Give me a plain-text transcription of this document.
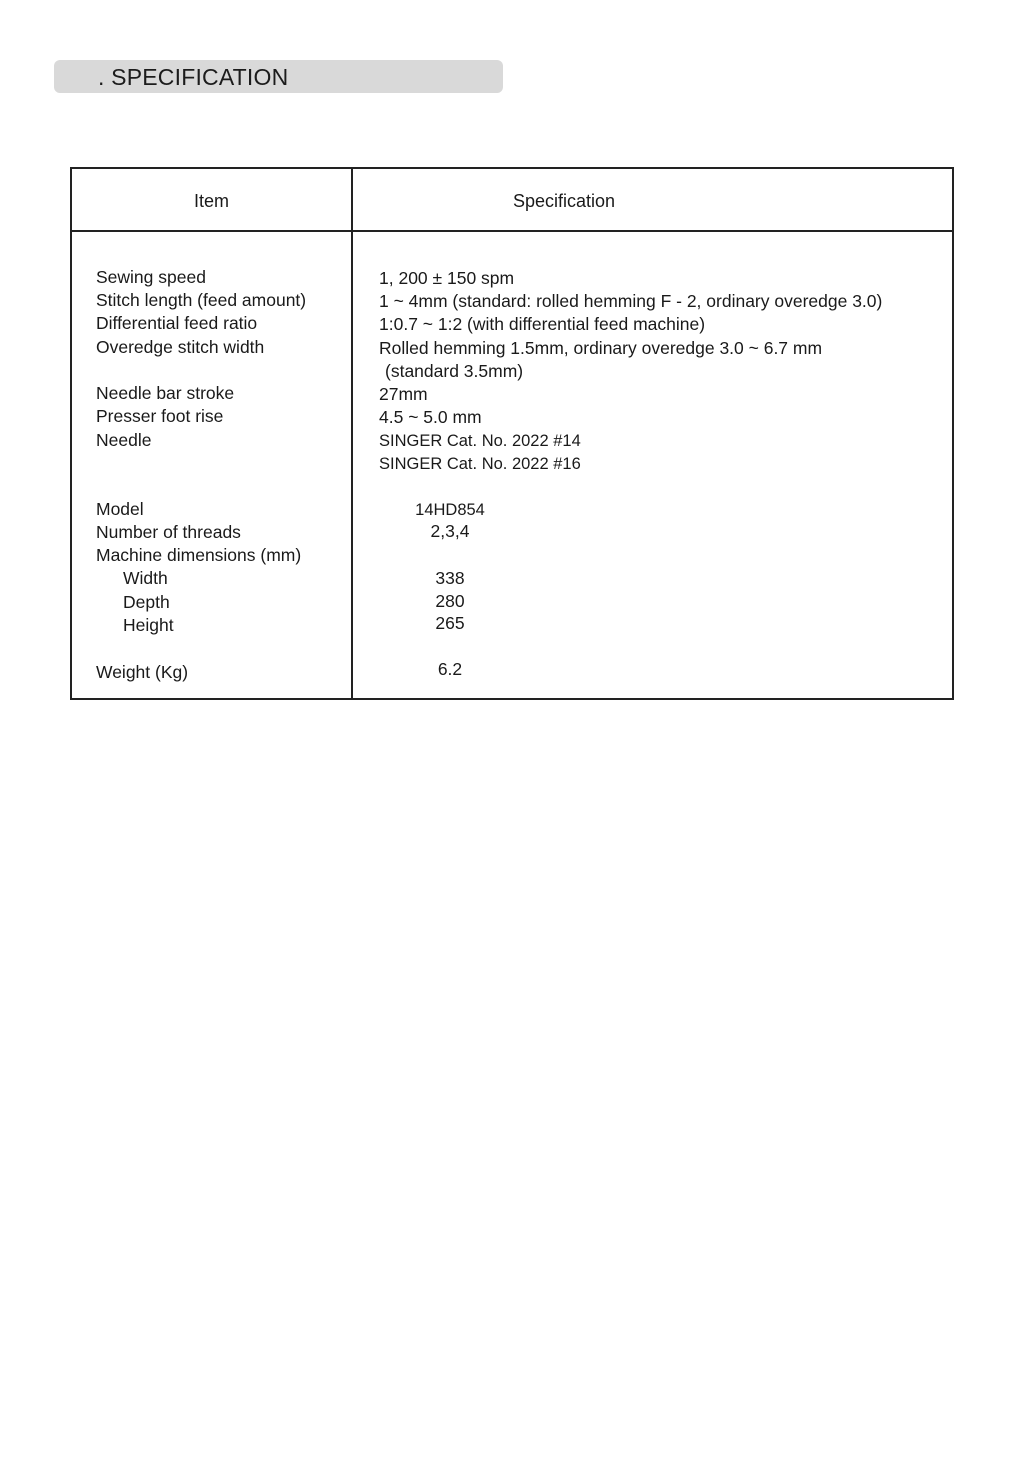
. SPECIFICATION
Item	Specification
Sewing speed	1, 200 ± 150 spm
Stitch length (feed amount)	1 ~ 4mm (standard: rolled hemming F - 2, ordinary overedge 3.0)
Differential feed ratio	1:0.7 ~ 1:2 (with differential feed machine)
Overedge stitch width	Rolled hemming 1.5mm, ordinary overedge 3.0 ~ 6.7 mm
(standard 3.5mm)
Needle bar stroke	27mm
Presser foot rise	4.5 ~ 5.0 mm
Needle	SINGER Cat. No. 2022 #14
SINGER Cat. No. 2022 #16
Model	14HD854
Number of threads	2,3,4
Machine dimensions (mm)
Width	338
Depth	280
Height	265
Weight (Kg)	6.2
